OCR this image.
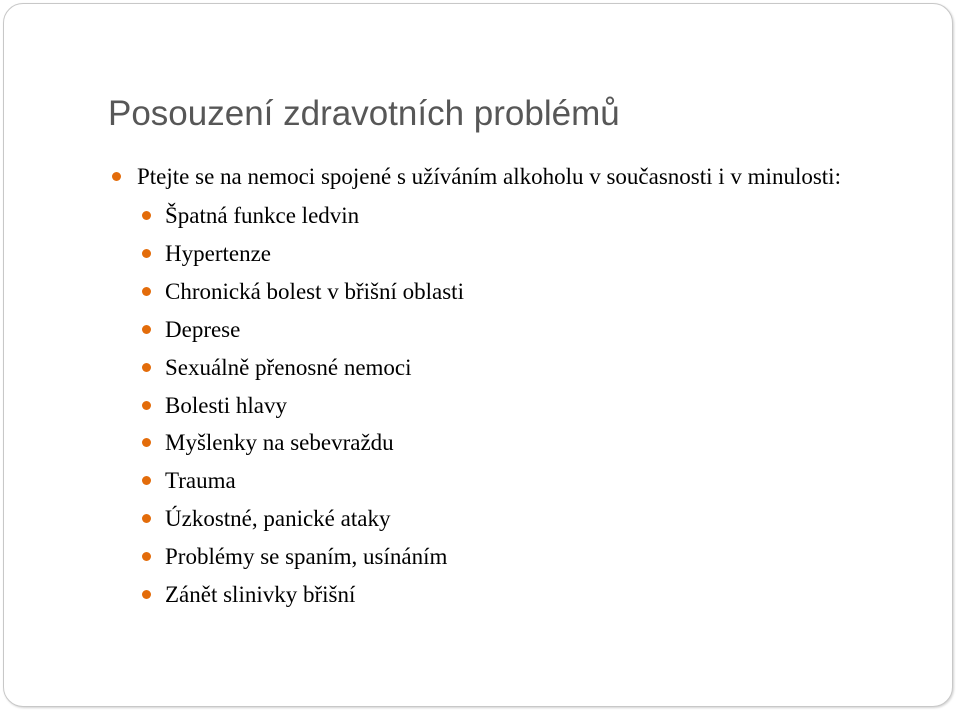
Posouzení zdravotních problémů

Ptejte se na nemoci spojené s užíváním alkoholu v současnosti i v minulosti:

Špatná funkce ledvin
Hypertenze
Chronická bolest v břišní oblasti
Deprese
Sexuálně přenosné nemoci
Bolesti hlavy
Myšlenky na sebevraždu
Trauma
Úzkostné, panické ataky
Problémy se spaním, usínáním
Zánět slinivky břišní
